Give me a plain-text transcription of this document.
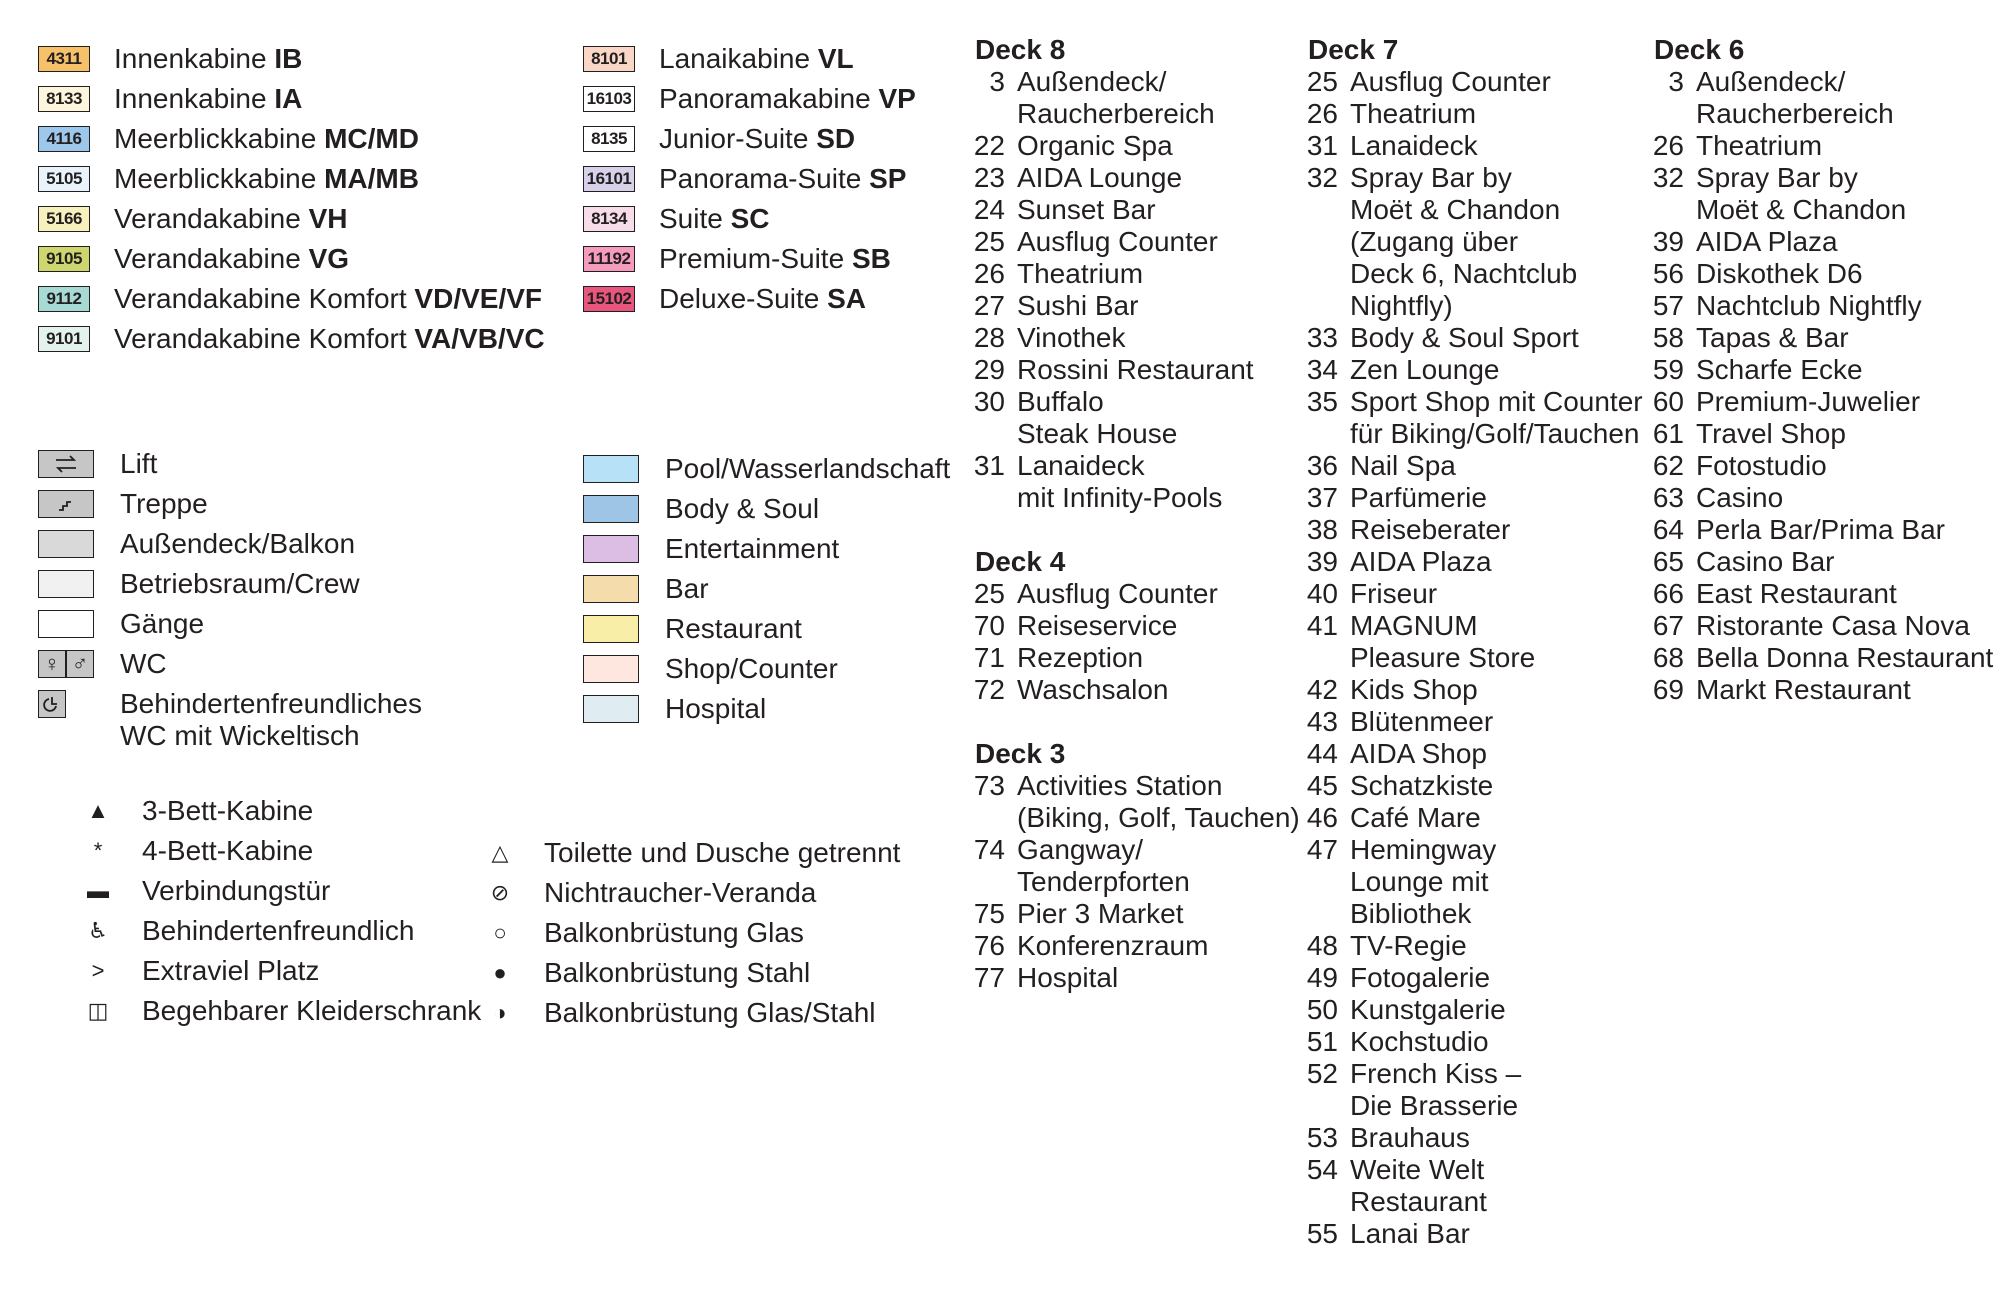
4311	Innenkabine IB
8133 Innenkabine IA
4116	Meerblickkabine MC/MD
5105 Meerblickkabine MA/MB
5166 Verandakabine VH
9105 Verandakabine VG
9112	Verandakabine Komfort VD/VE/VF
9101 Verandakabine Komfort VA/VB/VC
8101 Lanaikabine VL
16103 Panoramakabine VP
8135 Junior-Suite SD
16101 Panorama-Suite SP
8134 Suite SC
11192 Premium-Suite SB
15102 Deluxe-Suite SA
Lift
Treppe
Außendeck/Balkon
Betriebsraum/Crew
Gänge
♀ ♂ WC
Behindertenfreundliches
WC mit Wickeltisch
Pool/Wasserlandschaft
Body & Soul
Entertainment
Bar
Restaurant
Shop/Counter
Hospital
▲ 3-Bett-Kabine
*	4-Bett-Kabine
▬ Verbindungstür
♿ Behindertenfreundlich
> Extraviel Platz
◫ Begehbarer Kleiderschrank
△ Toilette und Dusche getrennt
⊘ Nichtraucher-Veranda
○ Balkonbrüstung Glas
● Balkonbrüstung Stahl
◑ Balkonbrüstung Glas/Stahl
Deck 8
3 Außendeck/
Raucherbereich
22 Organic Spa
23 AIDA Lounge
24 Sunset Bar
25 Ausflug Counter
26 Theatrium
27 Sushi Bar
28 Vinothek
29 Rossini Restaurant
30 Buffalo
Steak House
31 Lanaideck
mit Infinity-Pools
Deck 4
25 Ausflug Counter
70 Reiseservice
71 Rezeption
72 Waschsalon
Deck 3
73 Activities Station
(Biking, Golf, Tauchen)
74 Gangway/
Tenderpforten
75 Pier 3 Market
76 Konferenzraum
77 Hospital
Deck 7
25 Ausflug Counter
26 Theatrium
31 Lanaideck
32 Spray Bar by
Moët & Chandon
(Zugang über
Deck 6, Nachtclub
Nightfly)
33 Body & Soul Sport
34 Zen Lounge
35 Sport Shop mit Counter
für Biking/Golf/Tauchen
36 Nail Spa
37 Parfümerie
38 Reiseberater
39 AIDA Plaza
40 Friseur
41 MAGNUM
Pleasure Store
42 Kids Shop
43 Blütenmeer
44 AIDA Shop
45 Schatzkiste
46 Café Mare
47 Hemingway
Lounge mit
Bibliothek
48 TV-Regie
49 Fotogalerie
50 Kunstgalerie
51 Kochstudio
52 French Kiss –
Die Brasserie
53 Brauhaus
54 Weite Welt
Restaurant
55 Lanai Bar
Deck 6
3 Außendeck/
Raucherbereich
26 Theatrium
32 Spray Bar by
Moët & Chandon
39 AIDA Plaza
56 Diskothek D6
57 Nachtclub Nightfly
58 Tapas & Bar
59 Scharfe Ecke
60 Premium-Juwelier
61 Travel Shop
62 Fotostudio
63 Casino
64 Perla Bar/Prima Bar
65 Casino Bar
66 East Restaurant
67 Ristorante Casa Nova
68 Bella Donna Restaurant
69 Markt Restaurant
